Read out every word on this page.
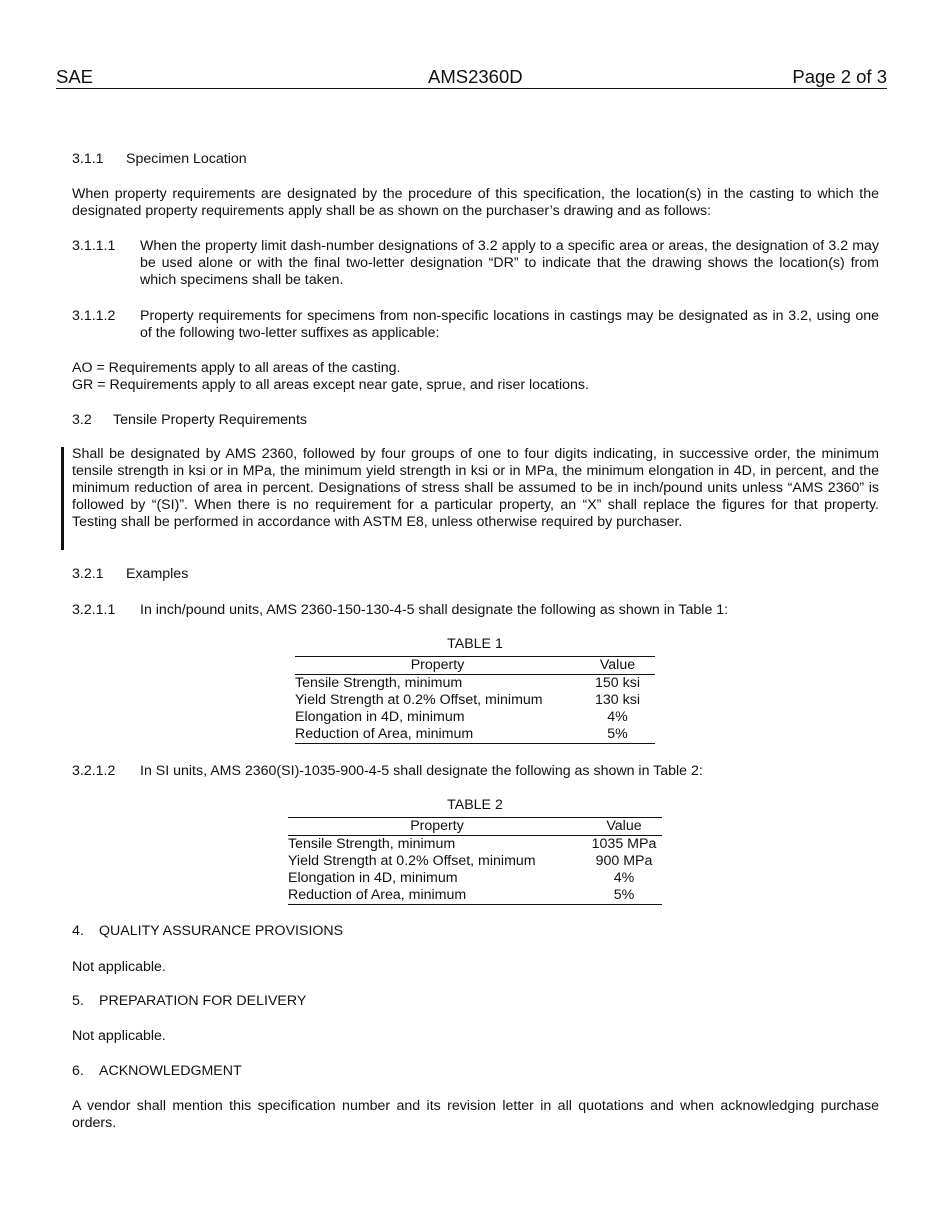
SAE	AMS2360D	Page 2 of 3
3.1.1 Specimen Location
When property requirements are designated by the procedure of this specification, the location(s) in the casting to which the designated property requirements apply shall be as shown on the purchaser’s drawing and as follows:
3.1.1.1 When the property limit dash-number designations of 3.2 apply to a specific area or areas, the designation of 3.2 may be used alone or with the final two-letter designation “DR” to indicate that the drawing shows the location(s) from which specimens shall be taken.
3.1.1.2 Property requirements for specimens from non-specific locations in castings may be designated as in 3.2, using one of the following two-letter suffixes as applicable:
AO = Requirements apply to all areas of the casting.
GR = Requirements apply to all areas except near gate, sprue, and riser locations.
3.2 Tensile Property Requirements
Shall be designated by AMS 2360, followed by four groups of one to four digits indicating, in successive order, the minimum tensile strength in ksi or in MPa, the minimum yield strength in ksi or in MPa, the minimum elongation in 4D, in percent, and the minimum reduction of area in percent. Designations of stress shall be assumed to be in inch/pound units unless “AMS 2360” is followed by “(SI)”. When there is no requirement for a particular property, an “X” shall replace the figures for that property. Testing shall be performed in accordance with ASTM E8, unless otherwise required by purchaser.
3.2.1 Examples
3.2.1.1 In inch/pound units, AMS 2360-150-130-4-5 shall designate the following as shown in Table 1:
TABLE 1
Property	Value
Tensile Strength, minimum	150 ksi
Yield Strength at 0.2% Offset, minimum	130 ksi
Elongation in 4D, minimum	4%
Reduction of Area, minimum	5%
3.2.1.2 In SI units, AMS 2360(SI)-1035-900-4-5 shall designate the following as shown in Table 2:
TABLE 2
Property	Value
Tensile Strength, minimum	1035 MPa
Yield Strength at 0.2% Offset, minimum	900 MPa
Elongation in 4D, minimum	4%
Reduction of Area, minimum	5%
4. QUALITY ASSURANCE PROVISIONS
Not applicable.
5. PREPARATION FOR DELIVERY
Not applicable.
6. ACKNOWLEDGMENT
A vendor shall mention this specification number and its revision letter in all quotations and when acknowledging purchase orders.
